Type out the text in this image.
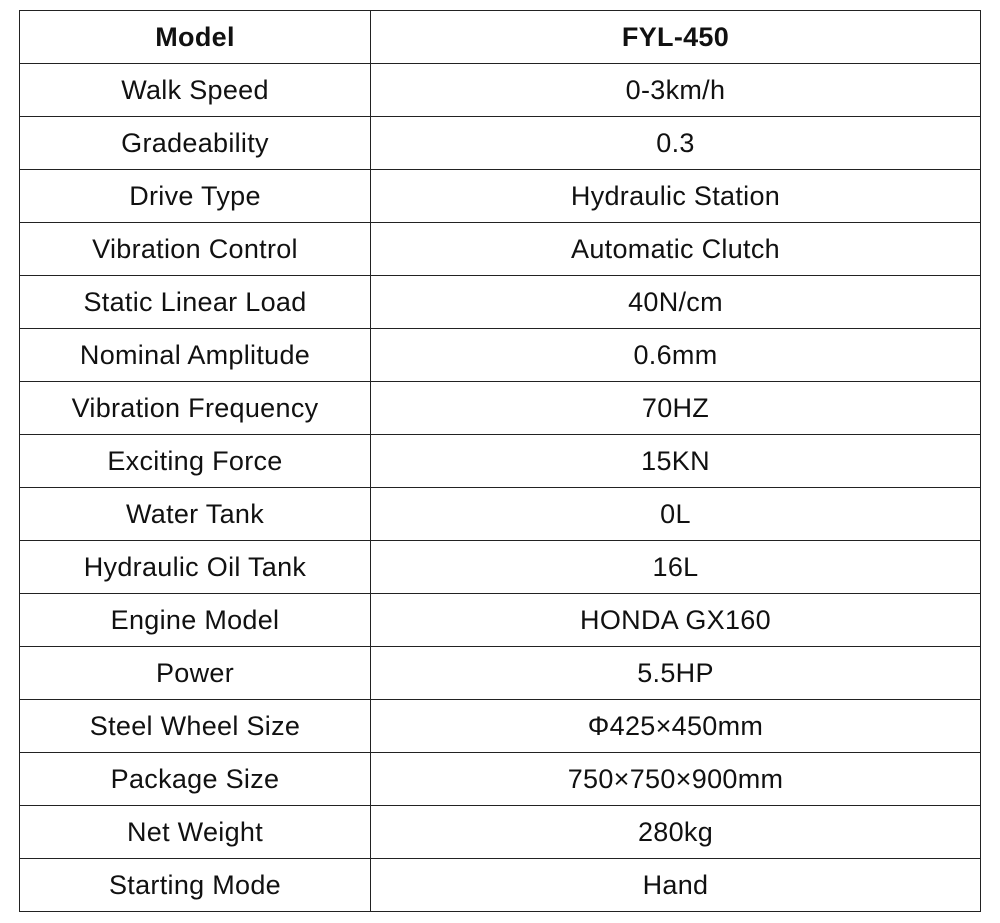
Model	FYL-450
Walk Speed	0-3km/h
Gradeability	0.3
Drive Type	Hydraulic Station
Vibration Control	Automatic Clutch
Static Linear Load	40N/cm
Nominal Amplitude	0.6mm
Vibration Frequency	70HZ
Exciting Force	15KN
Water Tank	0L
Hydraulic Oil Tank	16L
Engine Model	HONDA GX160
Power	5.5HP
Steel Wheel Size	Φ425×450mm
Package Size	750×750×900mm
Net Weight	280kg
Starting Mode	Hand
